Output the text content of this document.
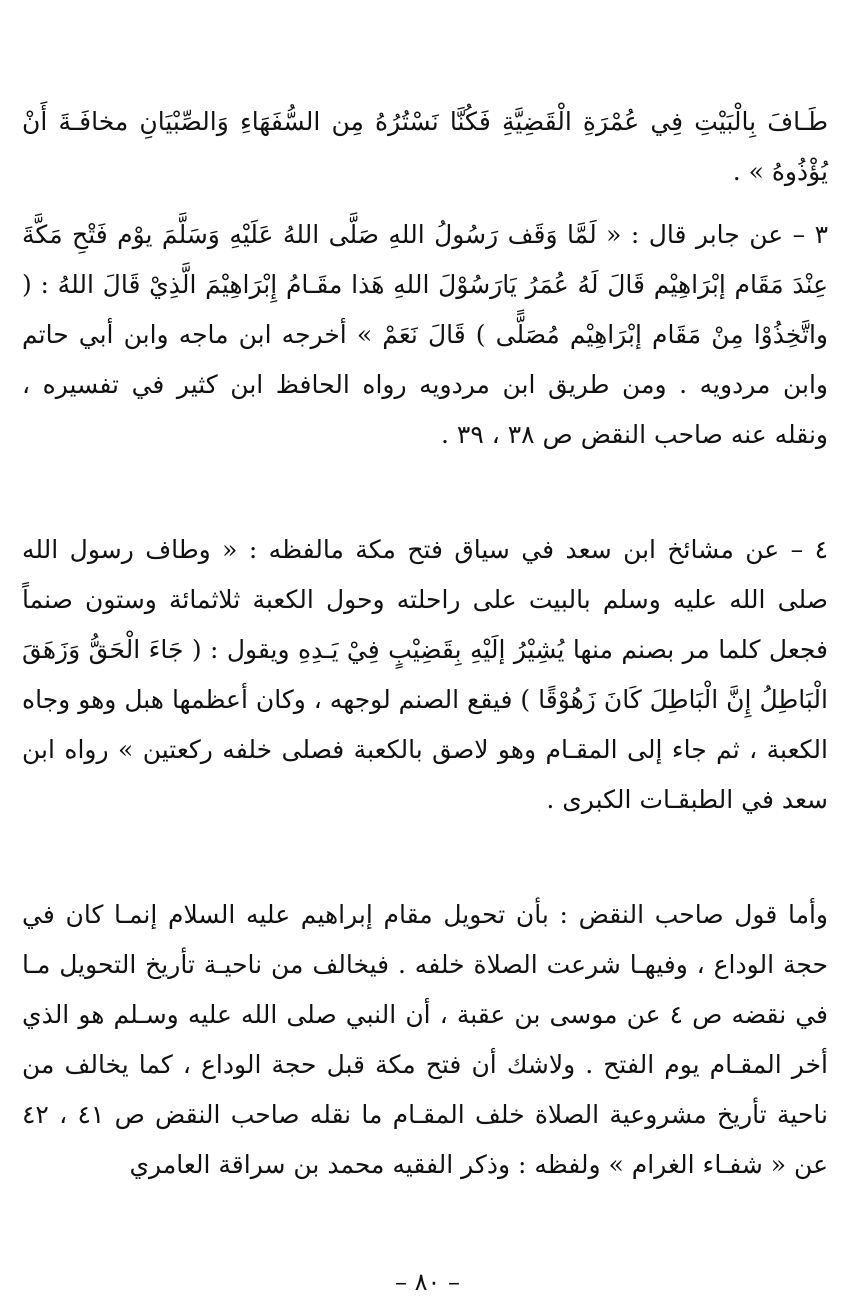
طَـافَ بِالْبَيْتِ فِي عُمْرَةِ الْقَضِيَّةِ فَكُنَّا نَسْتُرُهُ مِن السُّفَهَاءِ وَالصِّبْيَانِ مخافَـةَ أَنْ يُؤْذُوهُ » .

٣ – عن جابر قال : « لَمَّا وَقَف رَسُولُ اللهِ صَلَّى اللهُ عَلَيْهِ وَسَلَّمَ يوْم فَتْحِ مَكَّةَ عِنْدَ مَقَام إبْرَاهِيْم قَالَ لَهُ عُمَرُ يَارَسُوْلَ اللهِ هَذا مقَـامُ إِبْرَاهِيْمَ الَّذِيْ قَالَ اللهُ : ( واتَّخِذُوْا مِنْ مَقَام إبْرَاهِيْم مُصَلًّى ) قَالَ نَعَمْ » أخرجه ابن ماجه وابن أبي حاتم وابن مردويه . ومن طريق ابن مردويه رواه الحافظ ابن كثير في تفسيره ، ونقله عنه صاحب النقض ص ٣٨ ، ٣٩ .

٤ – عن مشائخ ابن سعد في سياق فتح مكة مالفظه : « وطاف رسول الله صلى الله عليه وسلم بالبيت على راحلته وحول الكعبة ثلاثمائة وستون صنماً فجعل كلما مر بصنم منها يُشِيْرُ إلَيْهِ بِقَضِيْبٍ فِيْ يَـدِهِ ويقول : ( جَاءَ الْحَقُّ وَزَهَقَ الْبَاطِلُ إِنَّ الْبَاطِلَ كَانَ زَهُوْقًا ) فيقع الصنم لوجهه ، وكان أعظمها هبل وهو وجاه الكعبة ، ثم جاء إلى المقـام وهو لاصق بالكعبة فصلى خلفه ركعتين » رواه ابن سعد في الطبقـات الكبرى .

وأما قول صاحب النقض : بأن تحويل مقام إبراهيم عليه السلام إنمـا كان في حجة الوداع ، وفيهـا شرعت الصلاة خلفه . فيخالف من ناحيـة تأريخ التحويل مـا في نقضه ص ٤ عن موسى بن عقبة ، أن النبي صلى الله عليه وسـلم هو الذي أخر المقـام يوم الفتح . ولاشك أن فتح مكة قبل حجة الوداع ، كما يخالف من ناحية تأريخ مشروعية الصلاة خلف المقـام ما نقله صاحب النقض ص ٤١ ، ٤٢ عن « شفـاء الغرام » ولفظه : وذكر الفقيه محمد بن سراقة العامري

– ٨٠ –
